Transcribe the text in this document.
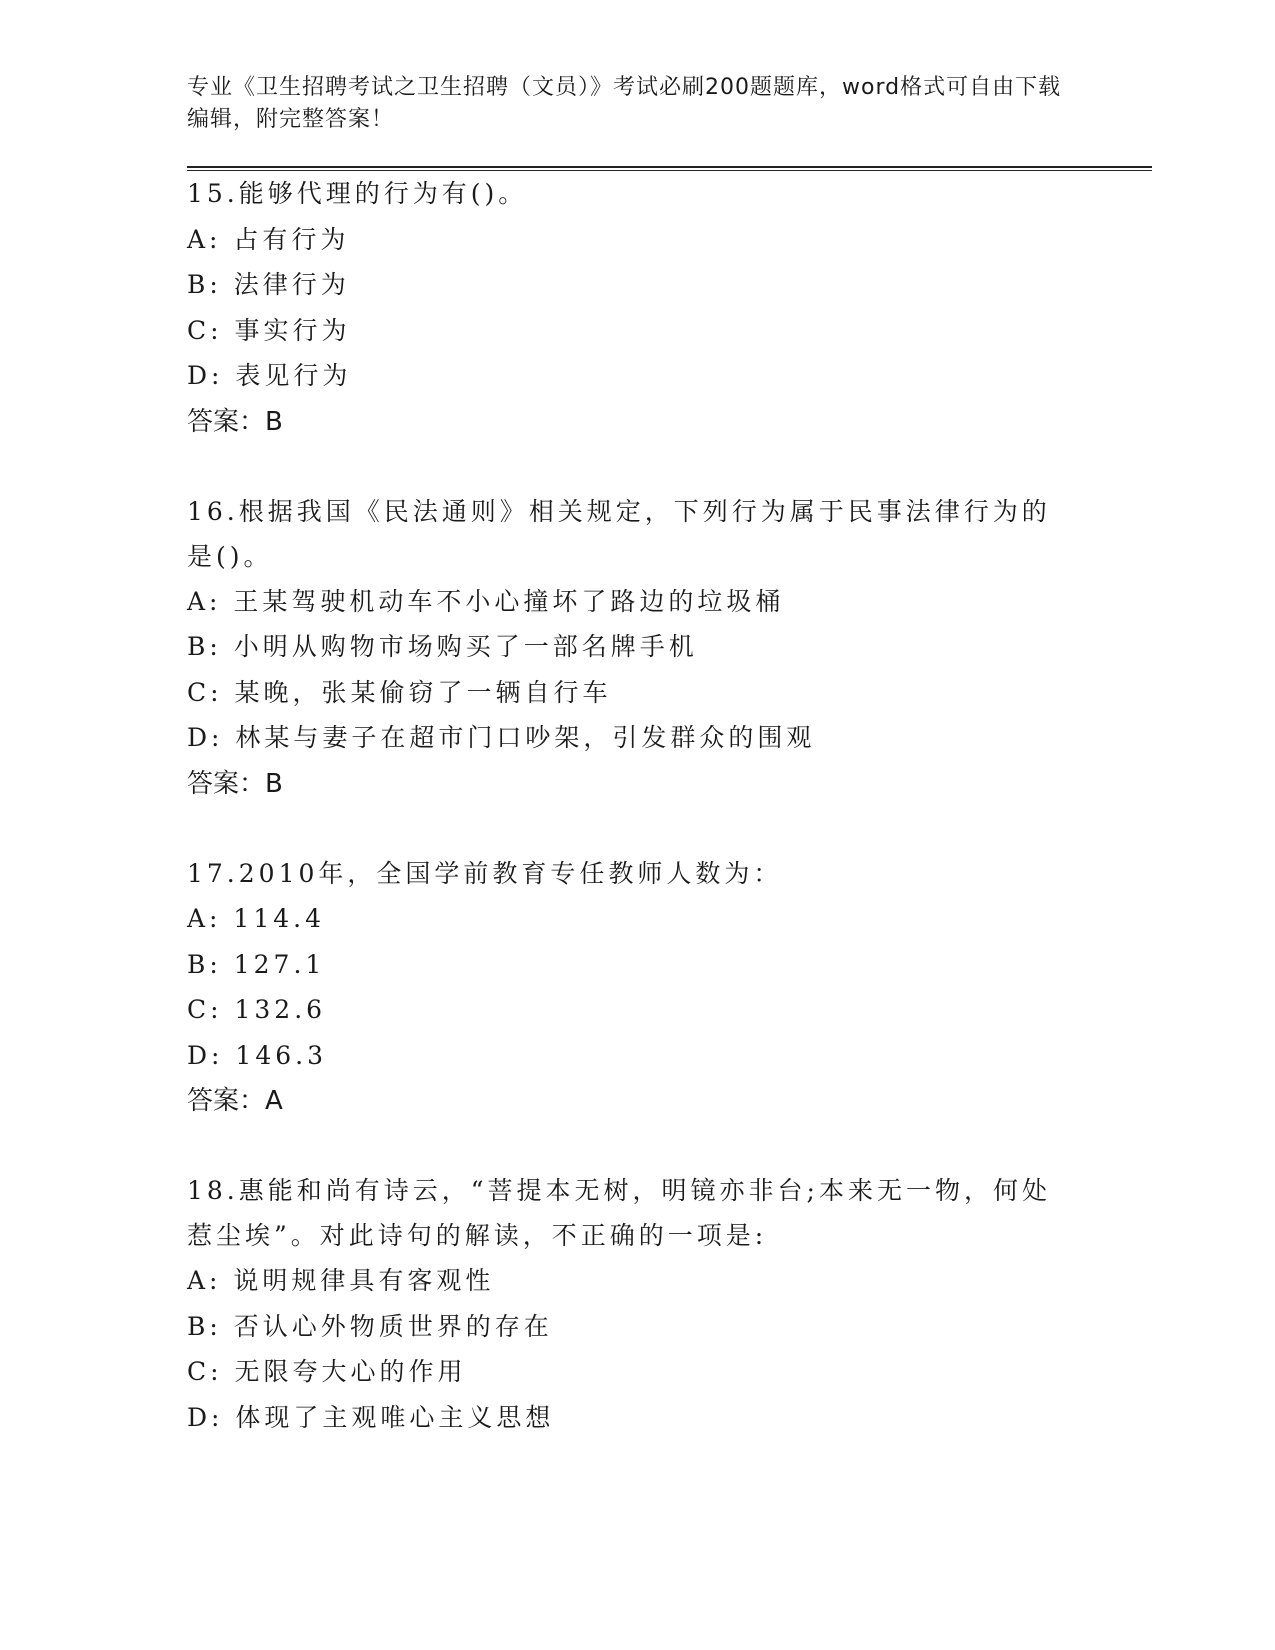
专业《卫生招聘考试之卫生招聘（文员）》考试必刷200题题库，word格式可自由下载编辑，附完整答案！

15.能够代理的行为有()。

A: 占有行为

B: 法律行为

C: 事实行为

D: 表见行为

答案：B

16.根据我国《民法通则》相关规定，下列行为属于民事法律行为的是()。

A: 王某驾驶机动车不小心撞坏了路边的垃圾桶

B: 小明从购物市场购买了一部名牌手机

C: 某晚，张某偷窃了一辆自行车

D: 林某与妻子在超市门口吵架，引发群众的围观

答案：B

17.2010年，全国学前教育专任教师人数为：

A: 114.4

B: 127.1

C: 132.6

D: 146.3

答案：A

18.惠能和尚有诗云，“菩提本无树，明镜亦非台;本来无一物，何处惹尘埃”。对此诗句的解读，不正确的一项是:

A: 说明规律具有客观性

B: 否认心外物质世界的存在

C: 无限夸大心的作用

D: 体现了主观唯心主义思想
